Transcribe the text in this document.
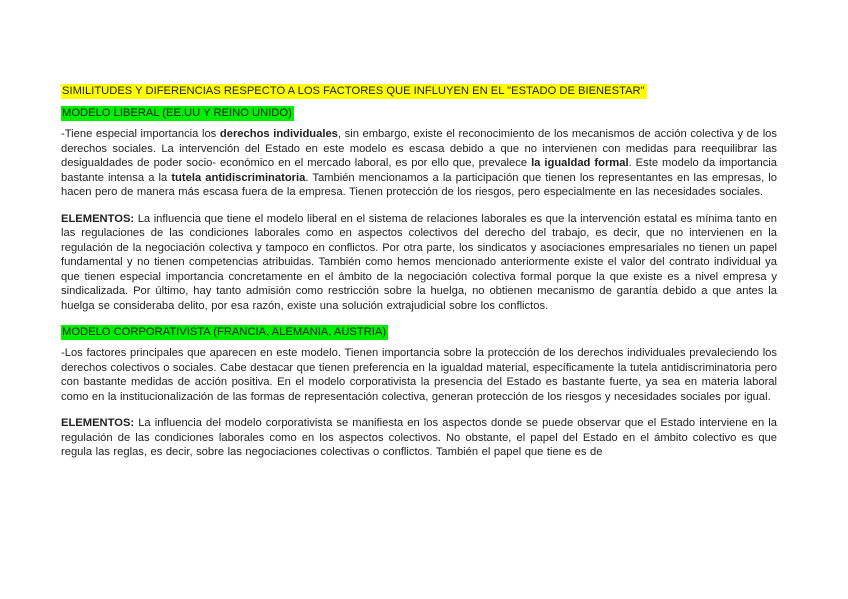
SIMILITUDES Y DIFERENCIAS RESPECTO A LOS FACTORES QUE INFLUYEN EN EL "ESTADO DE BIENESTAR"
MODELO LIBERAL (EE.UU Y REINO UNIDO)

-Tiene especial importancia los derechos individuales, sin embargo, existe el reconocimiento de los mecanismos de acción colectiva y de los derechos sociales. La intervención del Estado en este modelo es escasa debido a que no intervienen con medidas para reequilibrar las desigualdades de poder socio- económico en el mercado laboral, es por ello que, prevalece la igualdad formal. Este modelo da importancia bastante intensa a la tutela antidiscriminatoria. También mencionamos a la participación que tienen los representantes en las empresas, lo hacen pero de manera más escasa fuera de la empresa. Tienen protección de los riesgos, pero especialmente en las necesidades sociales.

ELEMENTOS: La influencia que tiene el modelo liberal en el sistema de relaciones laborales es que la intervención estatal es mínima tanto en las regulaciones de las condiciones laborales como en aspectos colectivos del derecho del trabajo, es decir, que no intervienen en la regulación de la negociación colectiva y tampoco en conflictos. Por otra parte, los sindicatos y asociaciones empresariales no tienen un papel fundamental y no tienen competencias atribuidas. También como hemos mencionado anteriormente existe el valor del contrato individual ya que tienen especial importancia concretamente en el ámbito de la negociación colectiva formal porque la que existe es a nivel empresa y sindicalizada. Por último, hay tanto admisión como restricción sobre la huelga, no obtienen mecanismo de garantía debido a que antes la huelga se consideraba delito, por esa razón, existe una solución extrajudicial sobre los conflictos.

MODELO CORPORATIVISTA (FRANCIA, ALEMANIA, AUSTRIA)

-Los factores principales que aparecen en este modelo. Tienen importancia sobre la protección de los derechos individuales prevaleciendo los derechos colectivos o sociales. Cabe destacar que tienen preferencia en la igualdad material, específicamente la tutela antidiscriminatoria pero con bastante medidas de acción positiva. En el modelo corporativista la presencia del Estado es bastante fuerte, ya sea en materia laboral como en la institucionalización de las formas de representación colectiva, generan protección de los riesgos y necesidades sociales por igual.

ELEMENTOS: La influencia del modelo corporativista se manifiesta en los aspectos donde se puede observar que el Estado interviene en la regulación de las condiciones laborales como en los aspectos colectivos. No obstante, el papel del Estado en el ámbito colectivo es que regula las reglas, es decir, sobre las negociaciones colectivas o conflictos. También el papel que tiene es de
